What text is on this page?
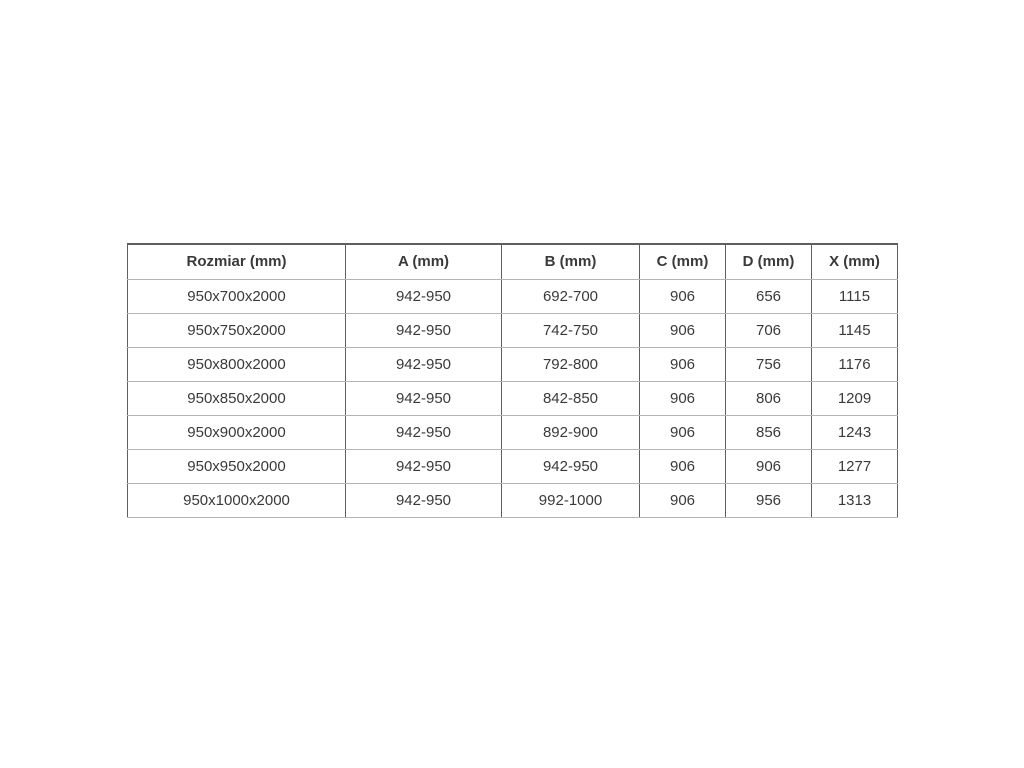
Rozmiar (mm)	A (mm)	B (mm)	C (mm)	D (mm)	X (mm)
950x700x2000	942-950	692-700	906	656	1115
950x750x2000	942-950	742-750	906	706	1145
950x800x2000	942-950	792-800	906	756	1176
950x850x2000	942-950	842-850	906	806	1209
950x900x2000	942-950	892-900	906	856	1243
950x950x2000	942-950	942-950	906	906	1277
950x1000x2000	942-950	992-1000	906	956	1313
